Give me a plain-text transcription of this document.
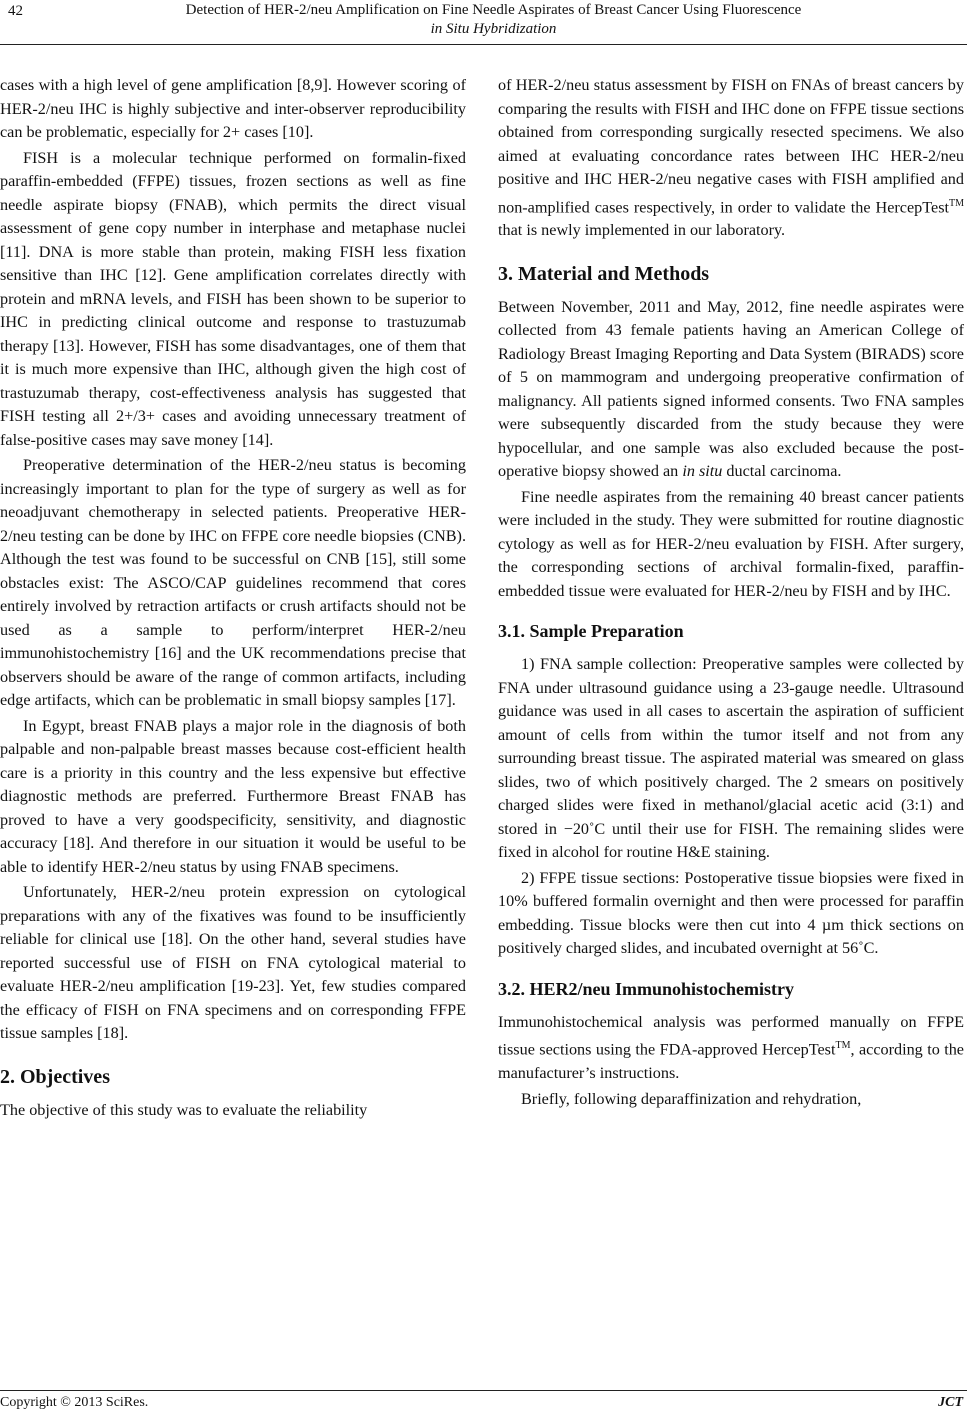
42	Detection of HER-2/neu Amplification on Fine Needle Aspirates of Breast Cancer Using Fluorescence
in Situ Hybridization

cases with a high level of gene amplification [8,9]. However scoring of HER-2/neu IHC is highly subjective and inter-observer reproducibility can be problematic, especially for 2+ cases [10].

FISH is a molecular technique performed on formalin-fixed paraffin-embedded (FFPE) tissues, frozen sections as well as fine needle aspirate biopsy (FNAB), which permits the direct visual assessment of gene copy number in interphase and metaphase nuclei [11]. DNA is more stable than protein, making FISH less fixation sensitive than IHC [12]. Gene amplification correlates directly with protein and mRNA levels, and FISH has been shown to be superior to IHC in predicting clinical outcome and response to trastuzumab therapy [13]. However, FISH has some disadvantages, one of them that it is much more expensive than IHC, although given the high cost of trastuzumab therapy, cost-effectiveness analysis has suggested that FISH testing all 2+/3+ cases and avoiding unnecessary treatment of false-positive cases may save money [14].

Preoperative determination of the HER-2/neu status is becoming increasingly important to plan for the type of surgery as well as for neoadjuvant chemotherapy in selected patients. Preoperative HER-2/neu testing can be done by IHC on FFPE core needle biopsies (CNB). Although the test was found to be successful on CNB [15], still some obstacles exist: The ASCO/CAP guidelines recommend that cores entirely involved by retraction artifacts or crush artifacts should not be used as a sample to perform/interpret HER-2/neu immunohistochemistry [16] and the UK recommendations precise that observers should be aware of the range of common artifacts, including edge artifacts, which can be problematic in small biopsy samples [17].

In Egypt, breast FNAB plays a major role in the diagnosis of both palpable and non-palpable breast masses because cost-efficient health care is a priority in this country and the less expensive but effective diagnostic methods are preferred. Furthermore Breast FNAB has proved to have a very goodspecificity, sensitivity, and diagnostic accuracy [18]. And therefore in our situation it would be useful to be able to identify HER-2/neu status by using FNAB specimens.

Unfortunately, HER-2/neu protein expression on cytological preparations with any of the fixatives was found to be insufficiently reliable for clinical use [18]. On the other hand, several studies have reported successful use of FISH on FNA cytological material to evaluate HER-2/neu amplification [19-23]. Yet, few studies compared the efficacy of FISH on FNA specimens and on corresponding FFPE tissue samples [18].

2. Objectives

The objective of this study was to evaluate the reliability

of HER-2/neu status assessment by FISH on FNAs of breast cancers by comparing the results with FISH and IHC done on FFPE tissue sections obtained from corresponding surgically resected specimens. We also aimed at evaluating concordance rates between IHC HER-2/neu positive and IHC HER-2/neu negative cases with FISH amplified and non-amplified cases respectively, in order to validate the HercepTest™ that is newly implemented in our laboratory.

3. Material and Methods

Between November, 2011 and May, 2012, fine needle aspirates were collected from 43 female patients having an American College of Radiology Breast Imaging Reporting and Data System (BIRADS) score of 5 on mammogram and undergoing preoperative confirmation of malignancy. All patients signed informed consents. Two FNA samples were subsequently discarded from the study because they were hypocellular, and one sample was also excluded because the post-operative biopsy showed an in situ ductal carcinoma.

Fine needle aspirates from the remaining 40 breast cancer patients were included in the study. They were submitted for routine diagnostic cytology as well as for HER-2/neu evaluation by FISH. After surgery, the corresponding sections of archival formalin-fixed, paraffin-embedded tissue were evaluated for HER-2/neu by FISH and by IHC.

3.1. Sample Preparation

1) FNA sample collection: Preoperative samples were collected by FNA under ultrasound guidance using a 23-gauge needle. Ultrasound guidance was used in all cases to ascertain the aspiration of sufficient amount of cells from within the tumor itself and not from any surrounding breast tissue. The aspirated material was smeared on glass slides, two of which positively charged. The 2 smears on positively charged slides were fixed in methanol/glacial acetic acid (3:1) and stored in −20˚C until their use for FISH. The remaining slides were fixed in alcohol for routine H&E staining.

2) FFPE tissue sections: Postoperative tissue biopsies were fixed in 10% buffered formalin overnight and then were processed for paraffin embedding. Tissue blocks were then cut into 4 µm thick sections on positively charged slides, and incubated overnight at 56˚C.

3.2. HER2/neu Immunohistochemistry

Immunohistochemical analysis was performed manually on FFPE tissue sections using the FDA-approved HercepTest™, according to the manufacturer’s instructions.

Briefly, following deparaffinization and rehydration,

Copyright © 2013 SciRes.	JCT
